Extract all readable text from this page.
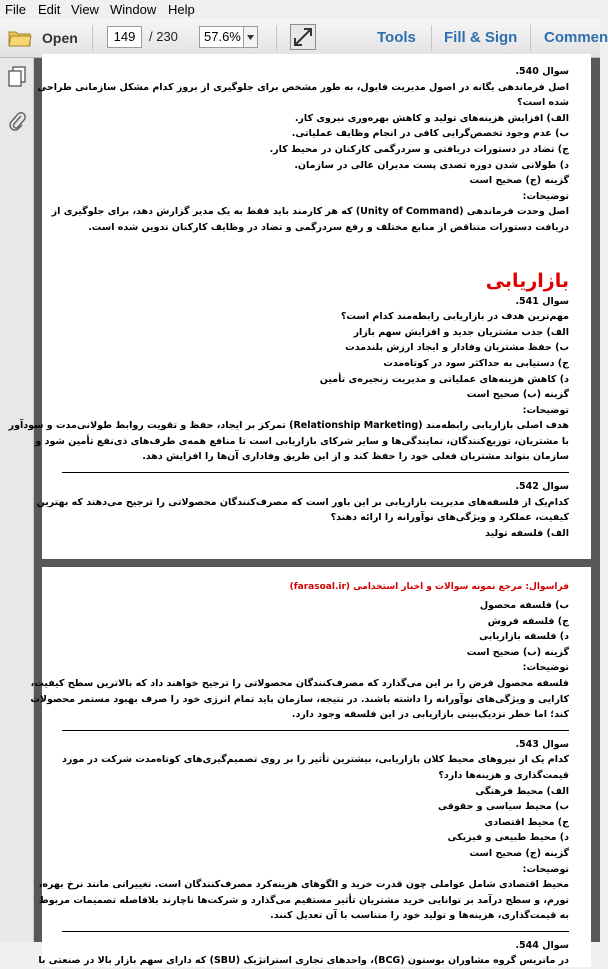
File Edit View Window Help
Open	149	/ 230	57.6%	Tools Fill & Sign Commen
سوال 540.
اصل فرماندهی یگانه در اصول مدیریت فایول، به طور مشخص برای جلوگیری از بروز کدام مشکل سازمانی طراحی
شده است؟
الف) افزایش هزینه‌های تولید و کاهش بهره‌وری نیروی کار.
ب) عدم وجود تخصص‌گرایی کافی در انجام وظایف عملیاتی.
ج) تضاد در دستورات دریافتی و سردرگمی کارکنان در محیط کار.
د) طولانی شدن دوره تصدی پست مدیران عالی در سازمان.
گزینه (ج) صحیح است
توضیحات:
اصل وحدت فرماندهی (Unity of Command) که هر کارمند باید فقط به یک مدیر گزارش دهد، برای جلوگیری از
دریافت دستورات متناقض از منابع مختلف و رفع سردرگمی و تضاد در وظایف کارکنان تدوین شده است.
بازاریابی
سوال 541.
مهم‌ترین هدف در بازاریابی رابطه‌مند کدام است؟
الف) جذب مشتریان جدید و افزایش سهم بازار
ب) حفظ مشتریان وفادار و ایجاد ارزش بلندمدت
ج) دستیابی به حداکثر سود در کوتاه‌مدت
د) کاهش هزینه‌های عملیاتی و مدیریت زنجیره‌ی تأمین
گزینه (ب) صحیح است
توضیحات:
هدف اصلی بازاریابی رابطه‌مند (Relationship Marketing) تمرکز بر ایجاد، حفظ و تقویت روابط طولانی‌مدت و سودآور
با مشتریان، توزیع‌کنندگان، نمایندگی‌ها و سایر شرکای بازاریابی است تا منافع همه‌ی طرف‌های ذی‌نفع تأمین شود و
سازمان بتواند مشتریان فعلی خود را حفظ کند و از این طریق وفاداری آن‌ها را افزایش دهد.
سوال 542.
کدام‌یک از فلسفه‌های مدیریت بازاریابی بر این باور است که مصرف‌کنندگان محصولاتی را ترجیح می‌دهند که بهترین
کیفیت، عملکرد و ویژگی‌های نوآورانه را ارائه دهند؟
الف) فلسفه تولید
فراسوال: مرجع نمونه سوالات و اخبار استخدامی (farasoal.ir)
ب) فلسفه محصول
ج) فلسفه فروش
د) فلسفه بازاریابی
گزینه (ب) صحیح است
توضیحات:
فلسفه محصول فرض را بر این می‌گذارد که مصرف‌کنندگان محصولاتی را ترجیح خواهند داد که بالاترین سطح کیفیت،
کارایی و ویژگی‌های نوآورانه را داشته باشند. در نتیجه، سازمان باید تمام انرژی خود را صرف بهبود مستمر محصولات
کند؛ اما خطر نزدیک‌بینی بازاریابی در این فلسفه وجود دارد.
سوال 543.
کدام یک از نیروهای محیط کلان بازاریابی، بیشترین تأثیر را بر روی تصمیم‌گیری‌های کوتاه‌مدت شرکت در مورد
قیمت‌گذاری و هزینه‌ها دارد؟
الف) محیط فرهنگی
ب) محیط سیاسی و حقوقی
ج) محیط اقتصادی
د) محیط طبیعی و فیزیکی
گزینه (ج) صحیح است
توضیحات:
محیط اقتصادی شامل عواملی چون قدرت خرید و الگوهای هزینه‌کرد مصرف‌کنندگان است. تغییراتی مانند نرخ بهره،
تورم، و سطح درآمد بر توانایی خرید مشتریان تأثیر مستقیم می‌گذارد و شرکت‌ها ناچارند بلافاصله تصمیمات مربوط
به قیمت‌گذاری، هزینه‌ها و تولید خود را متناسب با آن تعدیل کنند.
سوال 544.
در ماتریس گروه مشاوران بوستون (BCG)، واحدهای تجاری استراتژیک (SBU) که دارای سهم بازار بالا در صنعتی با
